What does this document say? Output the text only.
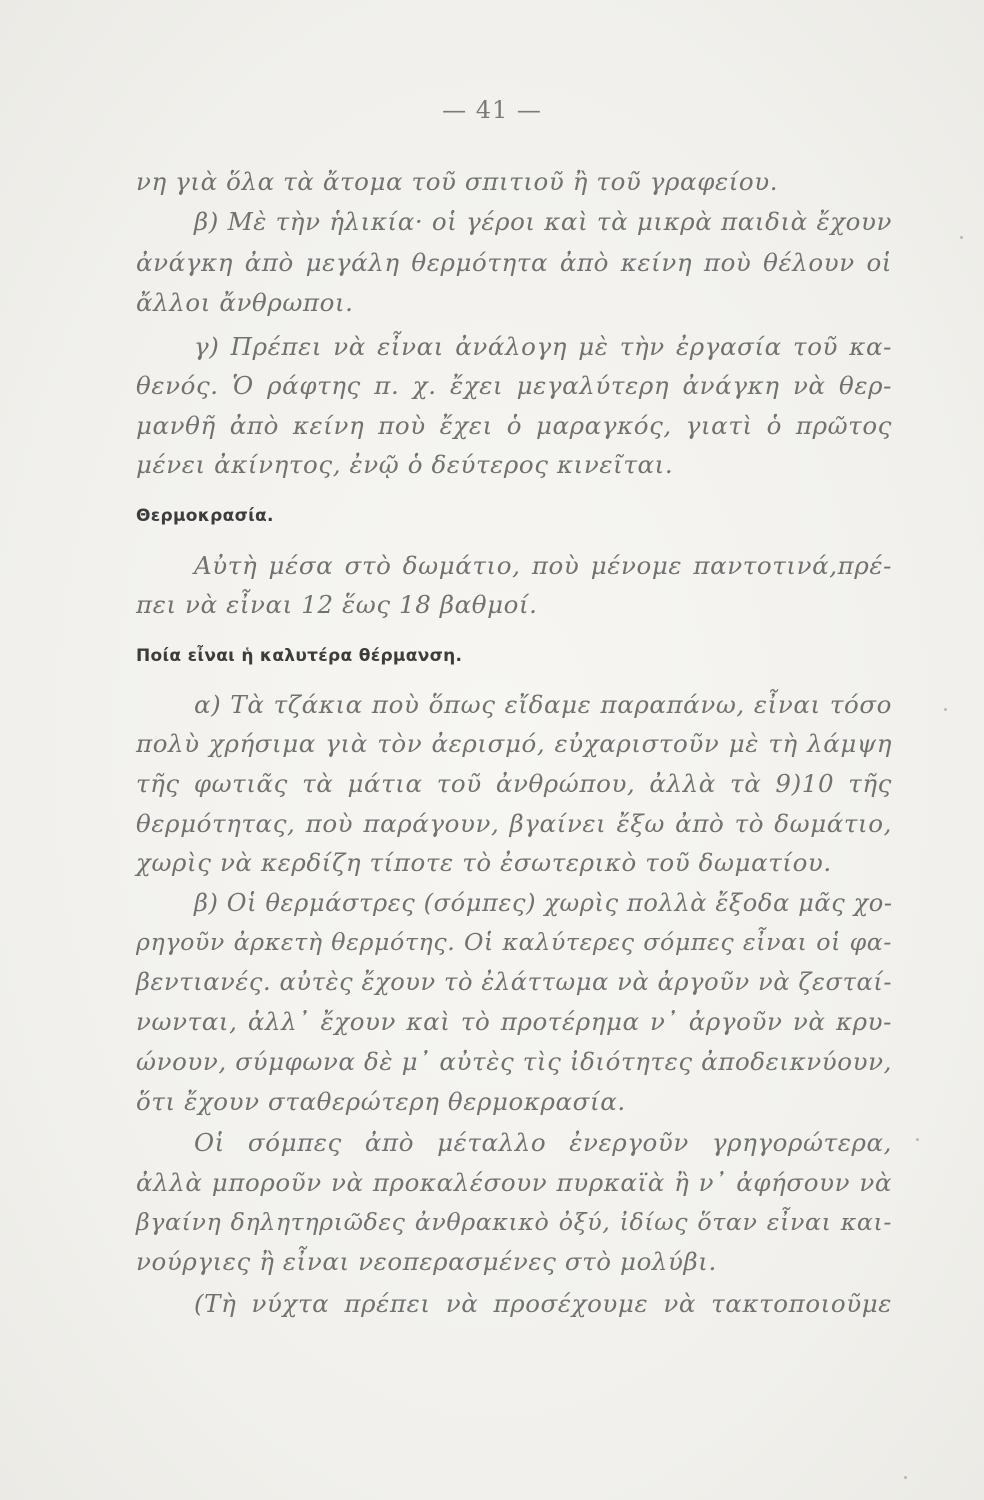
— 41 —
νη γιὰ ὅλα τὰ ἄτομα τοῦ σπιτιοῦ ἢ τοῦ γραφείου.
β) Μὲ τὴν ἡλικία· οἱ γέροι καὶ τὰ μικρὰ παιδιὰ ἔχουν
ἀνάγκη ἀπὸ μεγάλη θερμότητα ἀπὸ κείνη ποὺ θέλουν οἱ
ἄλλοι ἄνθρωποι.
γ) Πρέπει νὰ εἶναι ἀνάλογη μὲ τὴν ἐργασία τοῦ κα-
θενός. Ὁ ράφτης π. χ. ἔχει μεγαλύτερη ἀνάγκη νὰ θερ-
μανθῆ ἀπὸ κείνη ποὺ ἔχει ὁ μαραγκός, γιατὶ ὁ πρῶτος
μένει ἀκίνητος, ἐνῷ ὁ δεύτερος κινεῖται.
Θερμοκρασία.
Αὐτὴ μέσα στὸ δωμάτιο, ποὺ μένομε παντοτινά,πρέ-
πει νὰ εἶναι 12 ἕως 18 βαθμοί.
Ποία εἶναι ἡ καλυτέρα θέρμανση.
α) Τὰ τζάκια ποὺ ὅπως εἴδαμε παραπάνω, εἶναι τόσο
πολὺ χρήσιμα γιὰ τὸν ἀερισμό, εὐχαριστοῦν μὲ τὴ λάμψη
τῆς φωτιᾶς τὰ μάτια τοῦ ἀνθρώπου, ἀλλὰ τὰ 9)10 τῆς
θερμότητας, ποὺ παράγουν, βγαίνει ἔξω ἀπὸ τὸ δωμάτιο,
χωρὶς νὰ κερδίζη τίποτε τὸ ἐσωτερικὸ τοῦ δωματίου.
β) Οἱ θερμάστρες (σόμπες) χωρὶς πολλὰ ἔξοδα μᾶς χο-
ρηγοῦν ἀρκετὴ θερμότης. Οἱ καλύτερες σόμπες εἶναι οἱ φα-
βεντιανές. αὐτὲς ἔχουν τὸ ἐλάττωμα νὰ ἀργοῦν νὰ ζεσταί-
νωνται, ἀλλ᾿ ἔχουν καὶ τὸ προτέρημα ν᾿ ἀργοῦν νὰ κρυ-
ώνουν, σύμφωνα δὲ μ᾿ αὐτὲς τὶς ἰδιότητες ἀποδεικνύουν,
ὅτι ἔχουν σταθερώτερη θερμοκρασία.
Οἱ σόμπες ἀπὸ μέταλλο ἐνεργοῦν γρηγορώτερα,
ἀλλὰ μποροῦν νὰ προκαλέσουν πυρκαϊὰ ἢ ν᾿ ἀφήσουν νὰ
βγαίνη δηλητηριῶδες ἀνθρακικὸ ὀξύ, ἰδίως ὅταν εἶναι και-
νούργιες ἢ εἶναι νεοπερασμένες στὸ μολύβι.
(Τὴ νύχτα πρέπει νὰ προσέχουμε νὰ τακτοποιοῦμε
